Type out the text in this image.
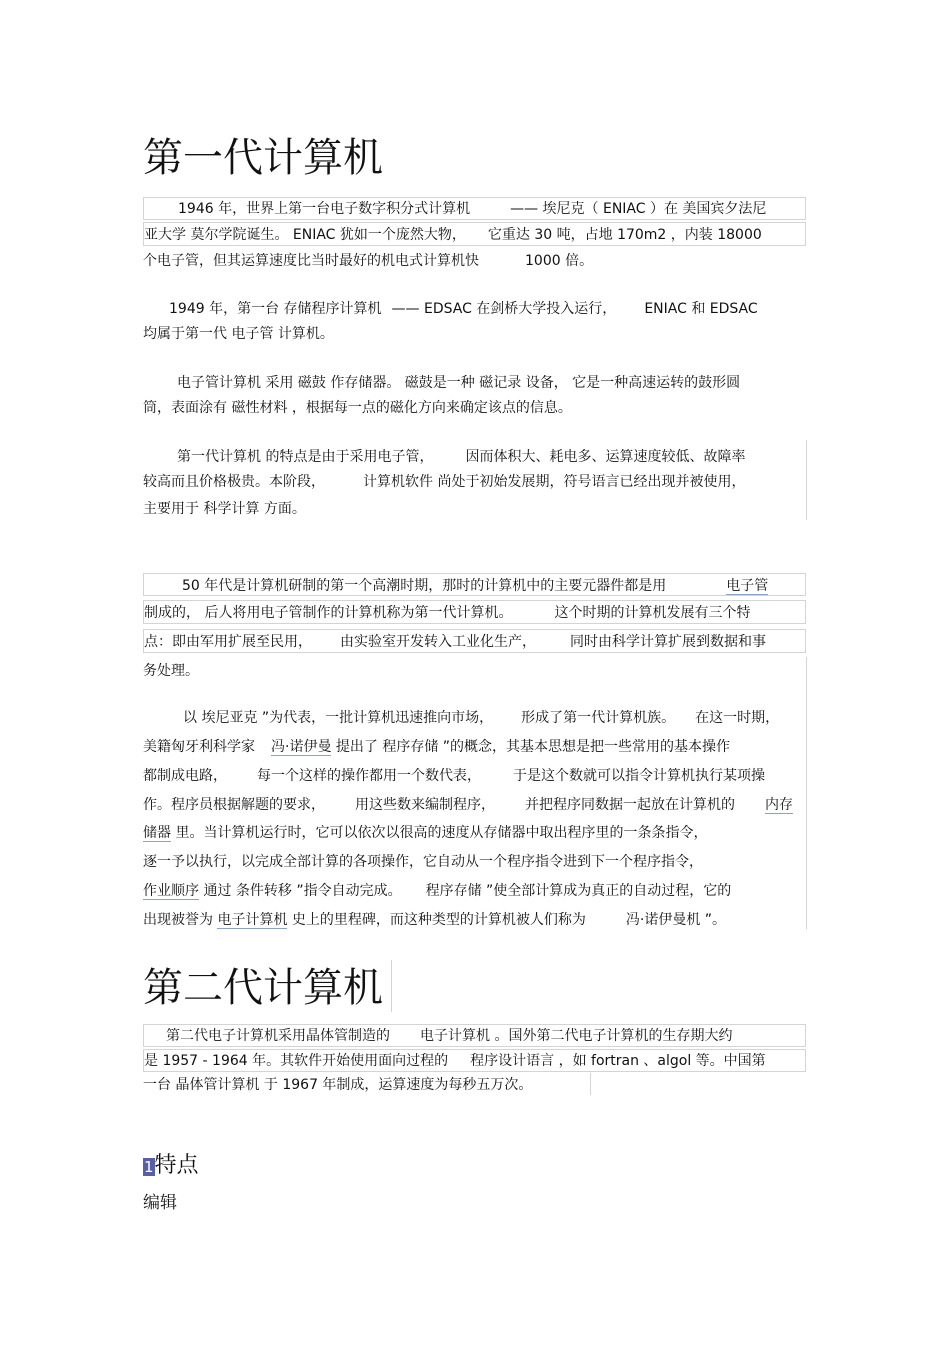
第一代计算机
1946 年，世界上第一台电子数字积分式计算机	—— 埃尼克（ ENIAC ）在 美国宾夕法尼
亚大学 莫尔学院诞生。 ENIAC 犹如一个庞然大物， 它重达 30 吨，占地 170m2 ，内装 18000
个电子管，但其运算速度比当时最好的机电式计算机快	1000 倍。
1949 年，第一台 存储程序计算机 —— EDSAC 在剑桥大学投入运行， ENIAC 和 EDSAC
均属于第一代 电子管 计算机。
电子管计算机 采用 磁鼓 作存储器。 磁鼓是一种 磁记录 设备， 它是一种高速运转的鼓形圆
筒，表面涂有 磁性材料 ，根据每一点的磁化方向来确定该点的信息。
第一代计算机 的特点是由于采用电子管， 因而体积大、耗电多、运算速度较低、故障率
较高而且价格极贵。本阶段，	计算机软件 尚处于初始发展期，符号语言已经出现并被使用，
主要用于 科学计算 方面。
50 年代是计算机研制的第一个高潮时期，那时的计算机中的主要元器件都是用	电子管
制成的， 后人将用电子管制作的计算机称为第一代计算机。	这个时期的计算机发展有三个特
点：即由军用扩展至民用， 由实验室开发转入工业化生产， 同时由科学计算扩展到数据和事
务处理。
以 埃尼亚克 ”为代表，一批计算机迅速推向市场， 形成了第一代计算机族。 在这一时期，
美籍匈牙利科学家 冯·诺伊曼 提出了 程序存储 ”的概念，其基本思想是把一些常用的基本操作
都制成电路， 每一个这样的操作都用一个数代表， 于是这个数就可以指令计算机执行某项操
作。程序员根据解题的要求， 用这些数来编制程序， 并把程序同数据一起放在计算机的 内存
储器 里。当计算机运行时，它可以依次以很高的速度从存储器中取出程序里的一条条指令，
逐一予以执行，以完成全部计算的各项操作，它自动从一个程序指令进到下一个程序指令，
作业顺序 通过 条件转移 ”指令自动完成。 程序存储 ”使全部计算成为真正的自动过程，它的
出现被誉为 电子计算机 史上的里程碑，而这种类型的计算机被人们称为	冯·诺伊曼机 ”。
第二代计算机
第二代电子计算机采用晶体管制造的 电子计算机 。国外第二代电子计算机的生存期大约
是 1957 - 1964 年。其软件开始使用面向过程的 程序设计语言 ，如 fortran 、algol 等。中国第
一台 晶体管计算机 于 1967 年制成，运算速度为每秒五万次。
1特点
编辑
